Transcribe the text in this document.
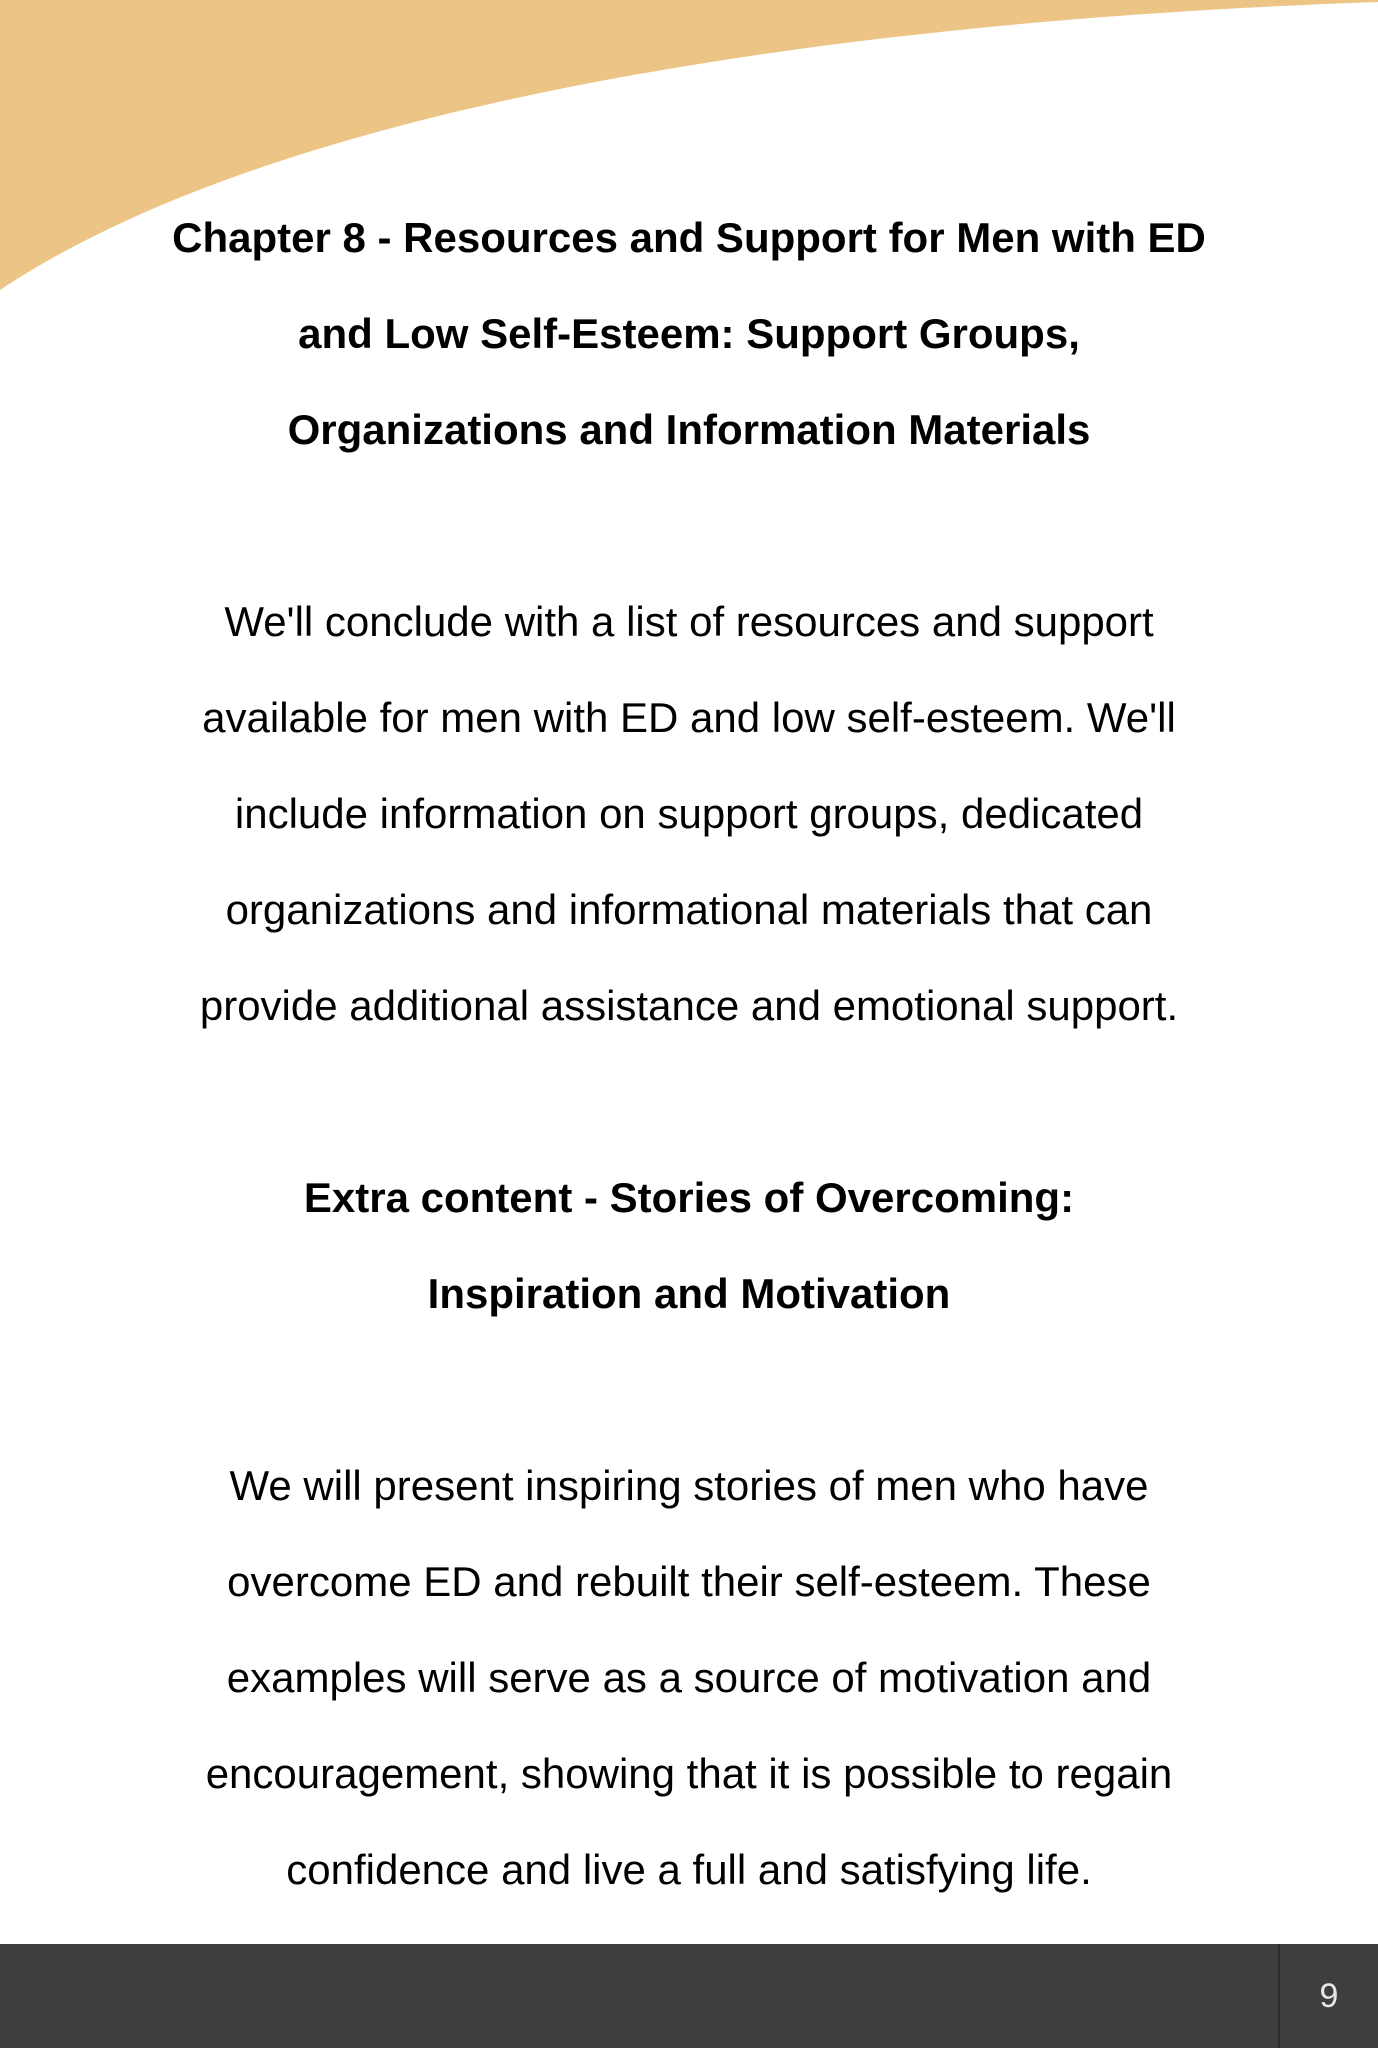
Chapter 8 - Resources and Support for Men with ED
and Low Self-Esteem: Support Groups,
Organizations and Information Materials

We'll conclude with a list of resources and support
available for men with ED and low self-esteem. We'll
include information on support groups, dedicated
organizations and informational materials that can
provide additional assistance and emotional support.

Extra content - Stories of Overcoming:
Inspiration and Motivation

We will present inspiring stories of men who have
overcome ED and rebuilt their self-esteem. These
examples will serve as a source of motivation and
encouragement, showing that it is possible to regain
confidence and live a full and satisfying life.

9
